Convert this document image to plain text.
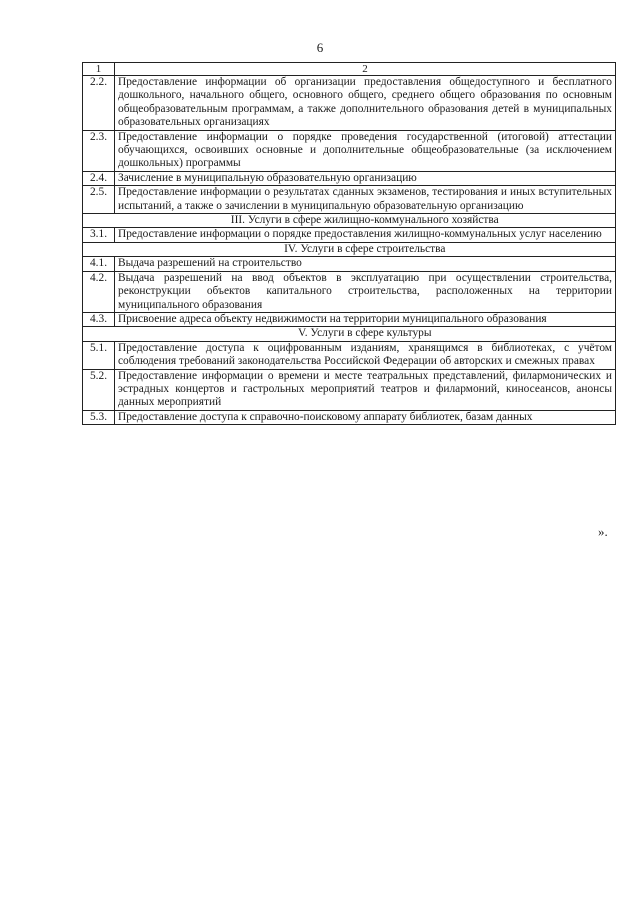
6
1	2
2.2.	Предоставление информации об организации предоставления общедоступного и бесплатного дошкольного, начального общего, основного общего, среднего общего образования по основным общеобразовательным программам, а также дополнительного образования детей в муниципальных образовательных организациях
2.3.	Предоставление информации о порядке проведения государственной (итоговой) аттестации обучающихся, освоивших основные и дополнительные общеобразовательные (за исключением дошкольных) программы
2.4.	Зачисление в муниципальную образовательную организацию
2.5.	Предоставление информации о результатах сданных экзаменов, тестирования и иных вступительных испытаний, а также о зачислении в муниципальную образовательную организацию
	III. Услуги в сфере жилищно-коммунального хозяйства
3.1.	Предоставление информации о порядке предоставления жилищно-коммунальных услуг населению
	IV. Услуги в сфере строительства
4.1.	Выдача разрешений на строительство
4.2.	Выдача разрешений на ввод объектов в эксплуатацию при осуществлении строительства, реконструкции объектов капитального строительства, расположенных на территории муниципального образования
4.3.	Присвоение адреса объекту недвижимости на территории муниципального образования
	V. Услуги в сфере культуры
5.1.	Предоставление доступа к оцифрованным изданиям, хранящимся в библиотеках, с учётом соблюдения требований законодательства Российской Федерации об авторских и смежных правах
5.2.	Предоставление информации о времени и месте театральных представлений, филармонических и эстрадных концертов и гастрольных мероприятий театров и филармоний, киносеансов, анонсы данных мероприятий
5.3.	Предоставление доступа к справочно-поисковому аппарату библиотек, базам данных
».
